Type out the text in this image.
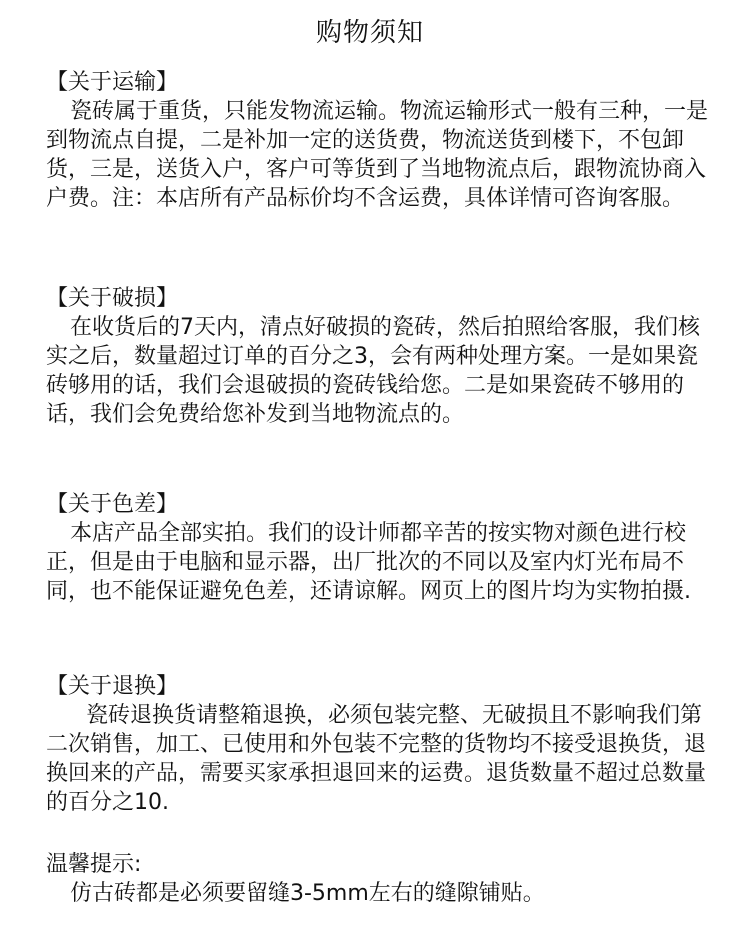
购物须知
【关于运输】
瓷砖属于重货，只能发物流运输。物流运输形式一般有三种，一是到物流点自提，二是补加一定的送货费，物流送货到楼下，不包卸货，三是，送货入户，客户可等货到了当地物流点后，跟物流协商入户费。注：本店所有产品标价均不含运费，具体详情可咨询客服。
【关于破损】
在收货后的7天内，清点好破损的瓷砖，然后拍照给客服，我们核实之后，数量超过订单的百分之3，会有两种处理方案。一是如果瓷砖够用的话，我们会退破损的瓷砖钱给您。二是如果瓷砖不够用的话，我们会免费给您补发到当地物流点的。
【关于色差】
本店产品全部实拍。我们的设计师都辛苦的按实物对颜色进行校正，但是由于电脑和显示器，出厂批次的不同以及室内灯光布局不同，也不能保证避免色差，还请谅解。网页上的图片均为实物拍摄.
【关于退换】
瓷砖退换货请整箱退换，必须包装完整、无破损且不影响我们第二次销售，加工、已使用和外包装不完整的货物均不接受退换货，退换回来的产品，需要买家承担退回来的运费。退货数量不超过总数量的百分之10.
温馨提示:
仿古砖都是必须要留缝3-5mm左右的缝隙铺贴。
